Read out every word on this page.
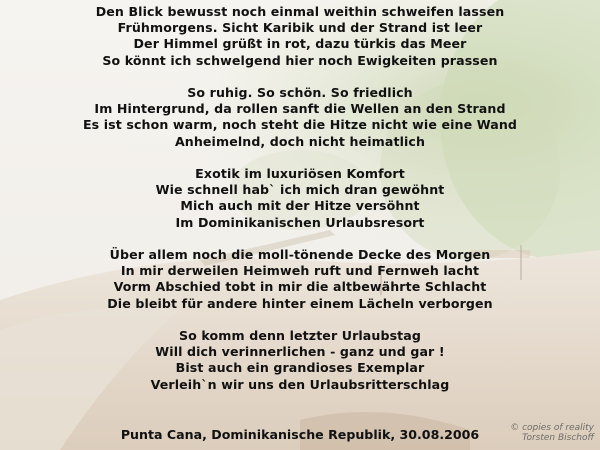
Den Blick bewusst noch einmal weithin schweifen lassen
Frühmorgens. Sicht Karibik und der Strand ist leer
Der Himmel grüßt in rot, dazu türkis das Meer
So könnt ich schwelgend hier noch Ewigkeiten prassen
So ruhig. So schön. So friedlich
Im Hintergrund, da rollen sanft die Wellen an den Strand
Es ist schon warm, noch steht die Hitze nicht wie eine Wand
Anheimelnd, doch nicht heimatlich
Exotik im luxuriösen Komfort
Wie schnell hab` ich mich dran gewöhnt
Mich auch mit der Hitze versöhnt
Im Dominikanischen Urlaubsresort
Über allem noch die moll-tönende Decke des Morgen
In mir derweilen Heimweh ruft und Fernweh lacht
Vorm Abschied tobt in mir die altbewährte Schlacht
Die bleibt für andere hinter einem Lächeln verborgen
So komm denn letzter Urlaubstag
Will dich verinnerlichen - ganz und gar !
Bist auch ein grandioses Exemplar
Verleih`n wir uns den Urlaubsritterschlag
Punta Cana, Dominikanische Republik, 30.08.2006	© copies of reality
Torsten Bischoff
